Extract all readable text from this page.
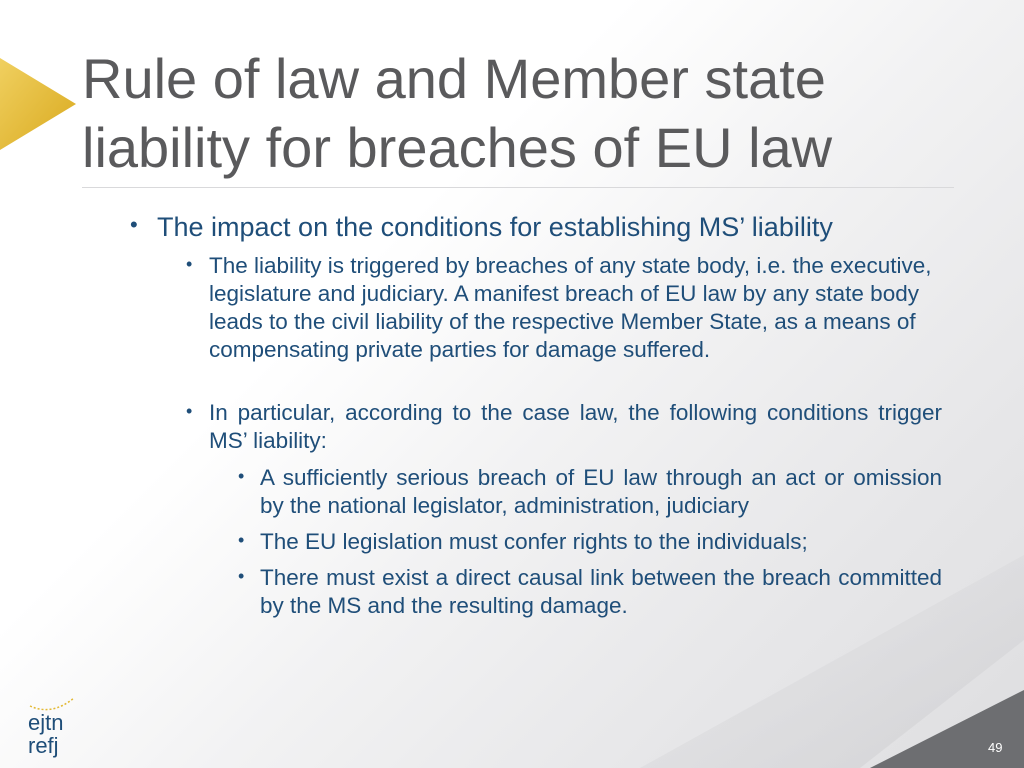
Rule of law and Member state
liability for breaches of EU law
• The impact on the conditions for establishing MS’ liability
• The liability is triggered by breaches of any state body, i.e. the executive, legislature and judiciary. A manifest breach of EU law by any state body leads to the civil liability of the respective Member State, as a means of compensating private parties for damage suffered.
• In particular, according to the case law, the following conditions trigger MS’ liability:
• A sufficiently serious breach of EU law through an act or omission by the national legislator, administration, judiciary
• The EU legislation must confer rights to the individuals;
• There must exist a direct causal link between the breach committed by the MS and the resulting damage.
ejtn
refj	49
